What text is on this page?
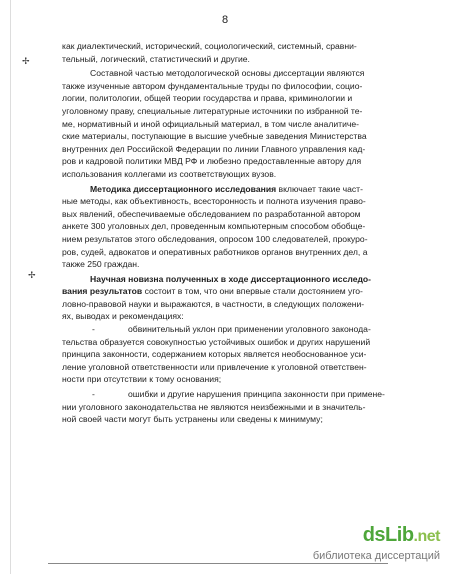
✢
✢
8

как диалектический, исторический, социологический, системный, сравни-
тельный, логический, статистический и другие.

Составной частью методологической основы диссертации являются
также изученные автором фундаментальные труды по философии, социо-
логии, политологии, общей теории государства и права, криминологии и
уголовному праву, специальные литературные источники по избранной те-
ме, нормативный и иной официальный материал, в том числе аналитиче-
ские материалы, поступающие в высшие учебные заведения Министерства
внутренних дел Российской Федерации по линии Главного управления кад-
ров и кадровой политики МВД РФ и любезно предоставленные автору для
использования коллегами из соответствующих вузов.

Методика диссертационного исследования включает такие част-
ные методы, как объективность, всесторонность и полнота изучения право-
вых явлений, обеспечиваемые обследованием по разработанной автором
анкете 300 уголовных дел, проведенным компьютерным способом обобще-
нием результатов этого обследования, опросом 100 следователей, прокуро-
ров, судей, адвокатов и оперативных работников органов внутренних дел, а
также 250 граждан.

Научная новизна полученных в ходе диссертационного исследо-
вания результатов состоит в том, что они впервые стали достоянием уго-
ловно-правовой науки и выражаются, в частности, в следующих положени-
ях, выводах и рекомендациях:

-	обвинительный уклон при применении уголовного законода-
тельства образуется совокупностью устойчивых ошибок и других нарушений
принципа законности, содержанием которых является необоснованное уси-
ление уголовной ответственности или привлечение к уголовной ответствен-
ности при отсутствии к тому основания;
-	ошибки и другие нарушения принципа законности при примене-
нии уголовного законодательства не являются неизбежными и в значитель-
ной своей части могут быть устранены или сведены к минимуму;
dsLib.net
библиотека диссертаций
